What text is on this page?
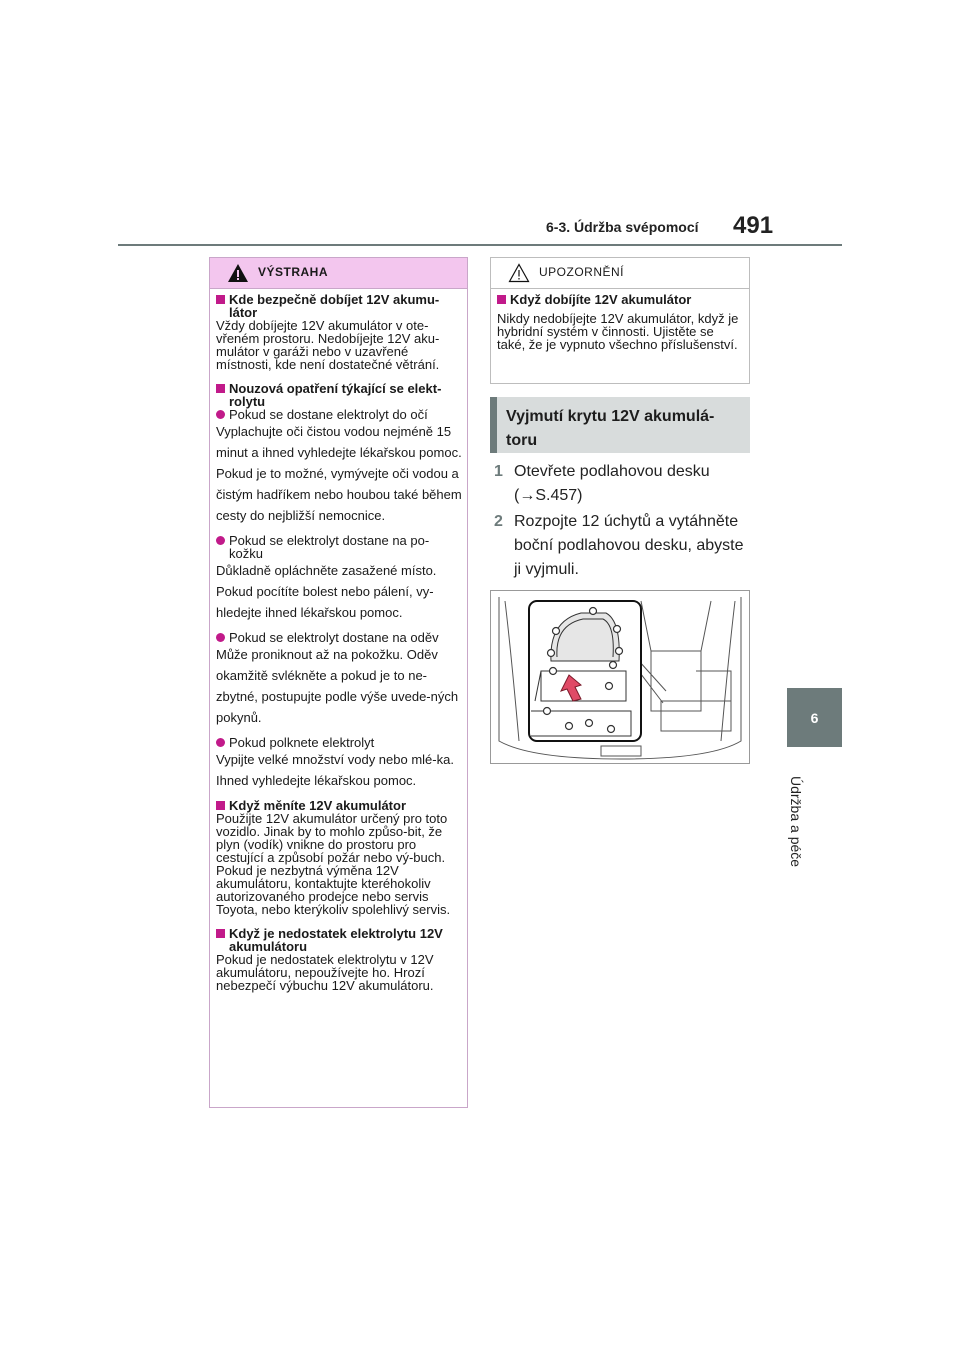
6-3. Údržba svépomocí 491
6
Údržba a péče
VÝSTRAHA
Kde bezpečně dobíjet 12V akumu-látor
Vždy dobíjejte 12V akumulátor v ote-vřeném prostoru. Nedobíjejte 12V aku-mulátor v garáži nebo v uzavřené místnosti, kde není dostatečné větrání.
Nouzová opatření týkající se elekt-rolytu
Pokud se dostane elektrolyt do očí
Vyplachujte oči čistou vodou nejméně 15 minut a ihned vyhledejte lékařskou pomoc. Pokud je to možné, vymývejte oči vodou a čistým hadříkem nebo houbou také během cesty do nejbližší nemocnice.
Pokud se elektrolyt dostane na po-kožku
Důkladně opláchněte zasažené místo. Pokud pocítíte bolest nebo pálení, vy-hledejte ihned lékařskou pomoc.
Pokud se elektrolyt dostane na oděv
Může proniknout až na pokožku. Oděv okamžitě svlékněte a pokud je to ne-zbytné, postupujte podle výše uvede-ných pokynů.
Pokud polknete elektrolyt
Vypijte velké množství vody nebo mlé-ka. Ihned vyhledejte lékařskou pomoc.
Když měníte 12V akumulátor
Použijte 12V akumulátor určený pro toto vozidlo. Jinak by to mohlo způso-bit, že plyn (vodík) vnikne do prostoru pro cestující a způsobí požár nebo vý-buch. Pokud je nezbytná výměna 12V akumulátoru, kontaktujte kteréhokoliv autorizovaného prodejce nebo servis Toyota, nebo kterýkoliv spolehlivý servis.
Když je nedostatek elektrolytu 12V akumulátoru
Pokud je nedostatek elektrolytu v 12V akumulátoru, nepoužívejte ho. Hrozí nebezpečí výbuchu 12V akumulátoru.
UPOZORNĚNÍ
Když dobíjíte 12V akumulátor
Nikdy nedobíjejte 12V akumulátor, když je hybridní systém v činnosti. Ujistěte se také, že je vypnuto všechno příslušenství.
Vyjmutí krytu 12V akumulá-toru
1 Otevřete podlahovou desku (→S.457)
2 Rozpojte 12 úchytů a vytáhněte boční podlahovou desku, abyste ji vyjmuli.
